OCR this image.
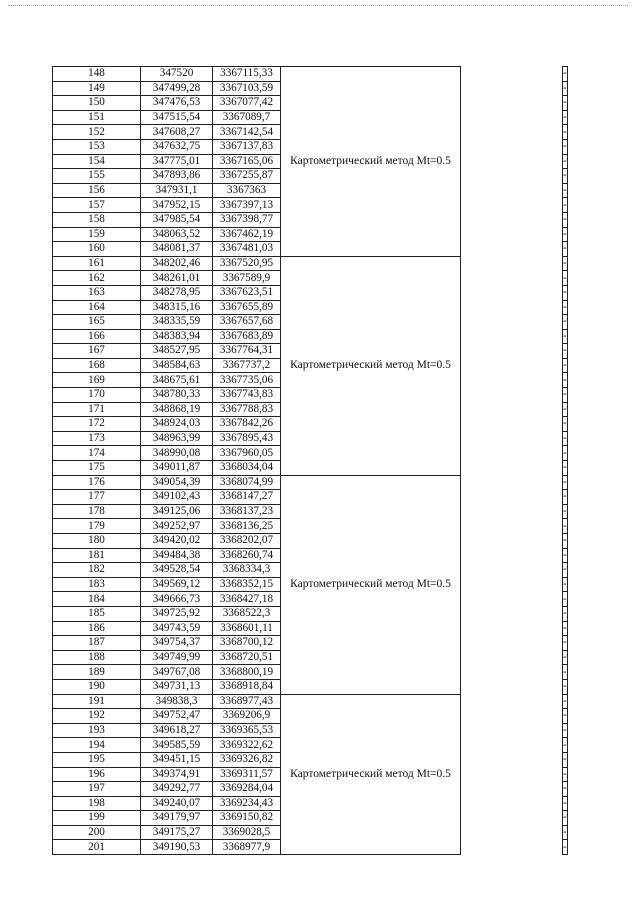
148	347520	3367115,33	Картометрический метод Mt=0.5		-
149	347499,28	3367103,59			-
150	347476,53	3367077,42			-
151	347515,54	3367089,7			-
152	347608,27	3367142,54			-
153	347632,75	3367137,83			-
154	347775,01	3367165,06			-
155	347893,86	3367255,87			-
156	347931,1	3367363			-
157	347952,15	3367397,13			-
158	347985,54	3367398,77			-
159	348063,52	3367462,19			-
160	348081,37	3367481,03			-
161	348202,46	3367520,95	Картометрический метод Mt=0.5		-
162	348261,01	3367589,9			-
163	348278,95	3367623,51			-
164	348315,16	3367655,89			-
165	348335,59	3367657,68			-
166	348383,94	3367683,89			-
167	348527,95	3367764,31			-
168	348584,63	3367737,2			-
169	348675,61	3367735,06			-
170	348780,33	3367743,83			-
171	348868,19	3367788,83			-
172	348924,03	3367842,26			-
173	348963,99	3367895,43			-
174	348990,08	3367960,05			-
175	349011,87	3368034,04			-
176	349054,39	3368074,99	Картометрический метод Mt=0.5		-
177	349102,43	3368147,27			-
178	349125,06	3368137,23			-
179	349252,97	3368136,25			-
180	349420,02	3368202,07			-
181	349484,38	3368260,74			-
182	349528,54	3368334,3			-
183	349569,12	3368352,15			-
184	349666,73	3368427,18			-
185	349725,92	3368522,3			-
186	349743,59	3368601,11			-
187	349754,37	3368700,12			-
188	349749,99	3368720,51			-
189	349767,08	3368800,19			-
190	349731,13	3368918,84			-
191	349838,3	3368977,43	Картометрический метод Mt=0.5		-
192	349752,47	3369206,9			-
193	349618,27	3369365,53			-
194	349585,59	3369322,62			-
195	349451,15	3369326,82			-
196	349374,91	3369311,57			-
197	349292,77	3369284,04			-
198	349240,07	3369234,43			-
199	349179,97	3369150,82			-
200	349175,27	3369028,5			-
201	349190,53	3368977,9			-
